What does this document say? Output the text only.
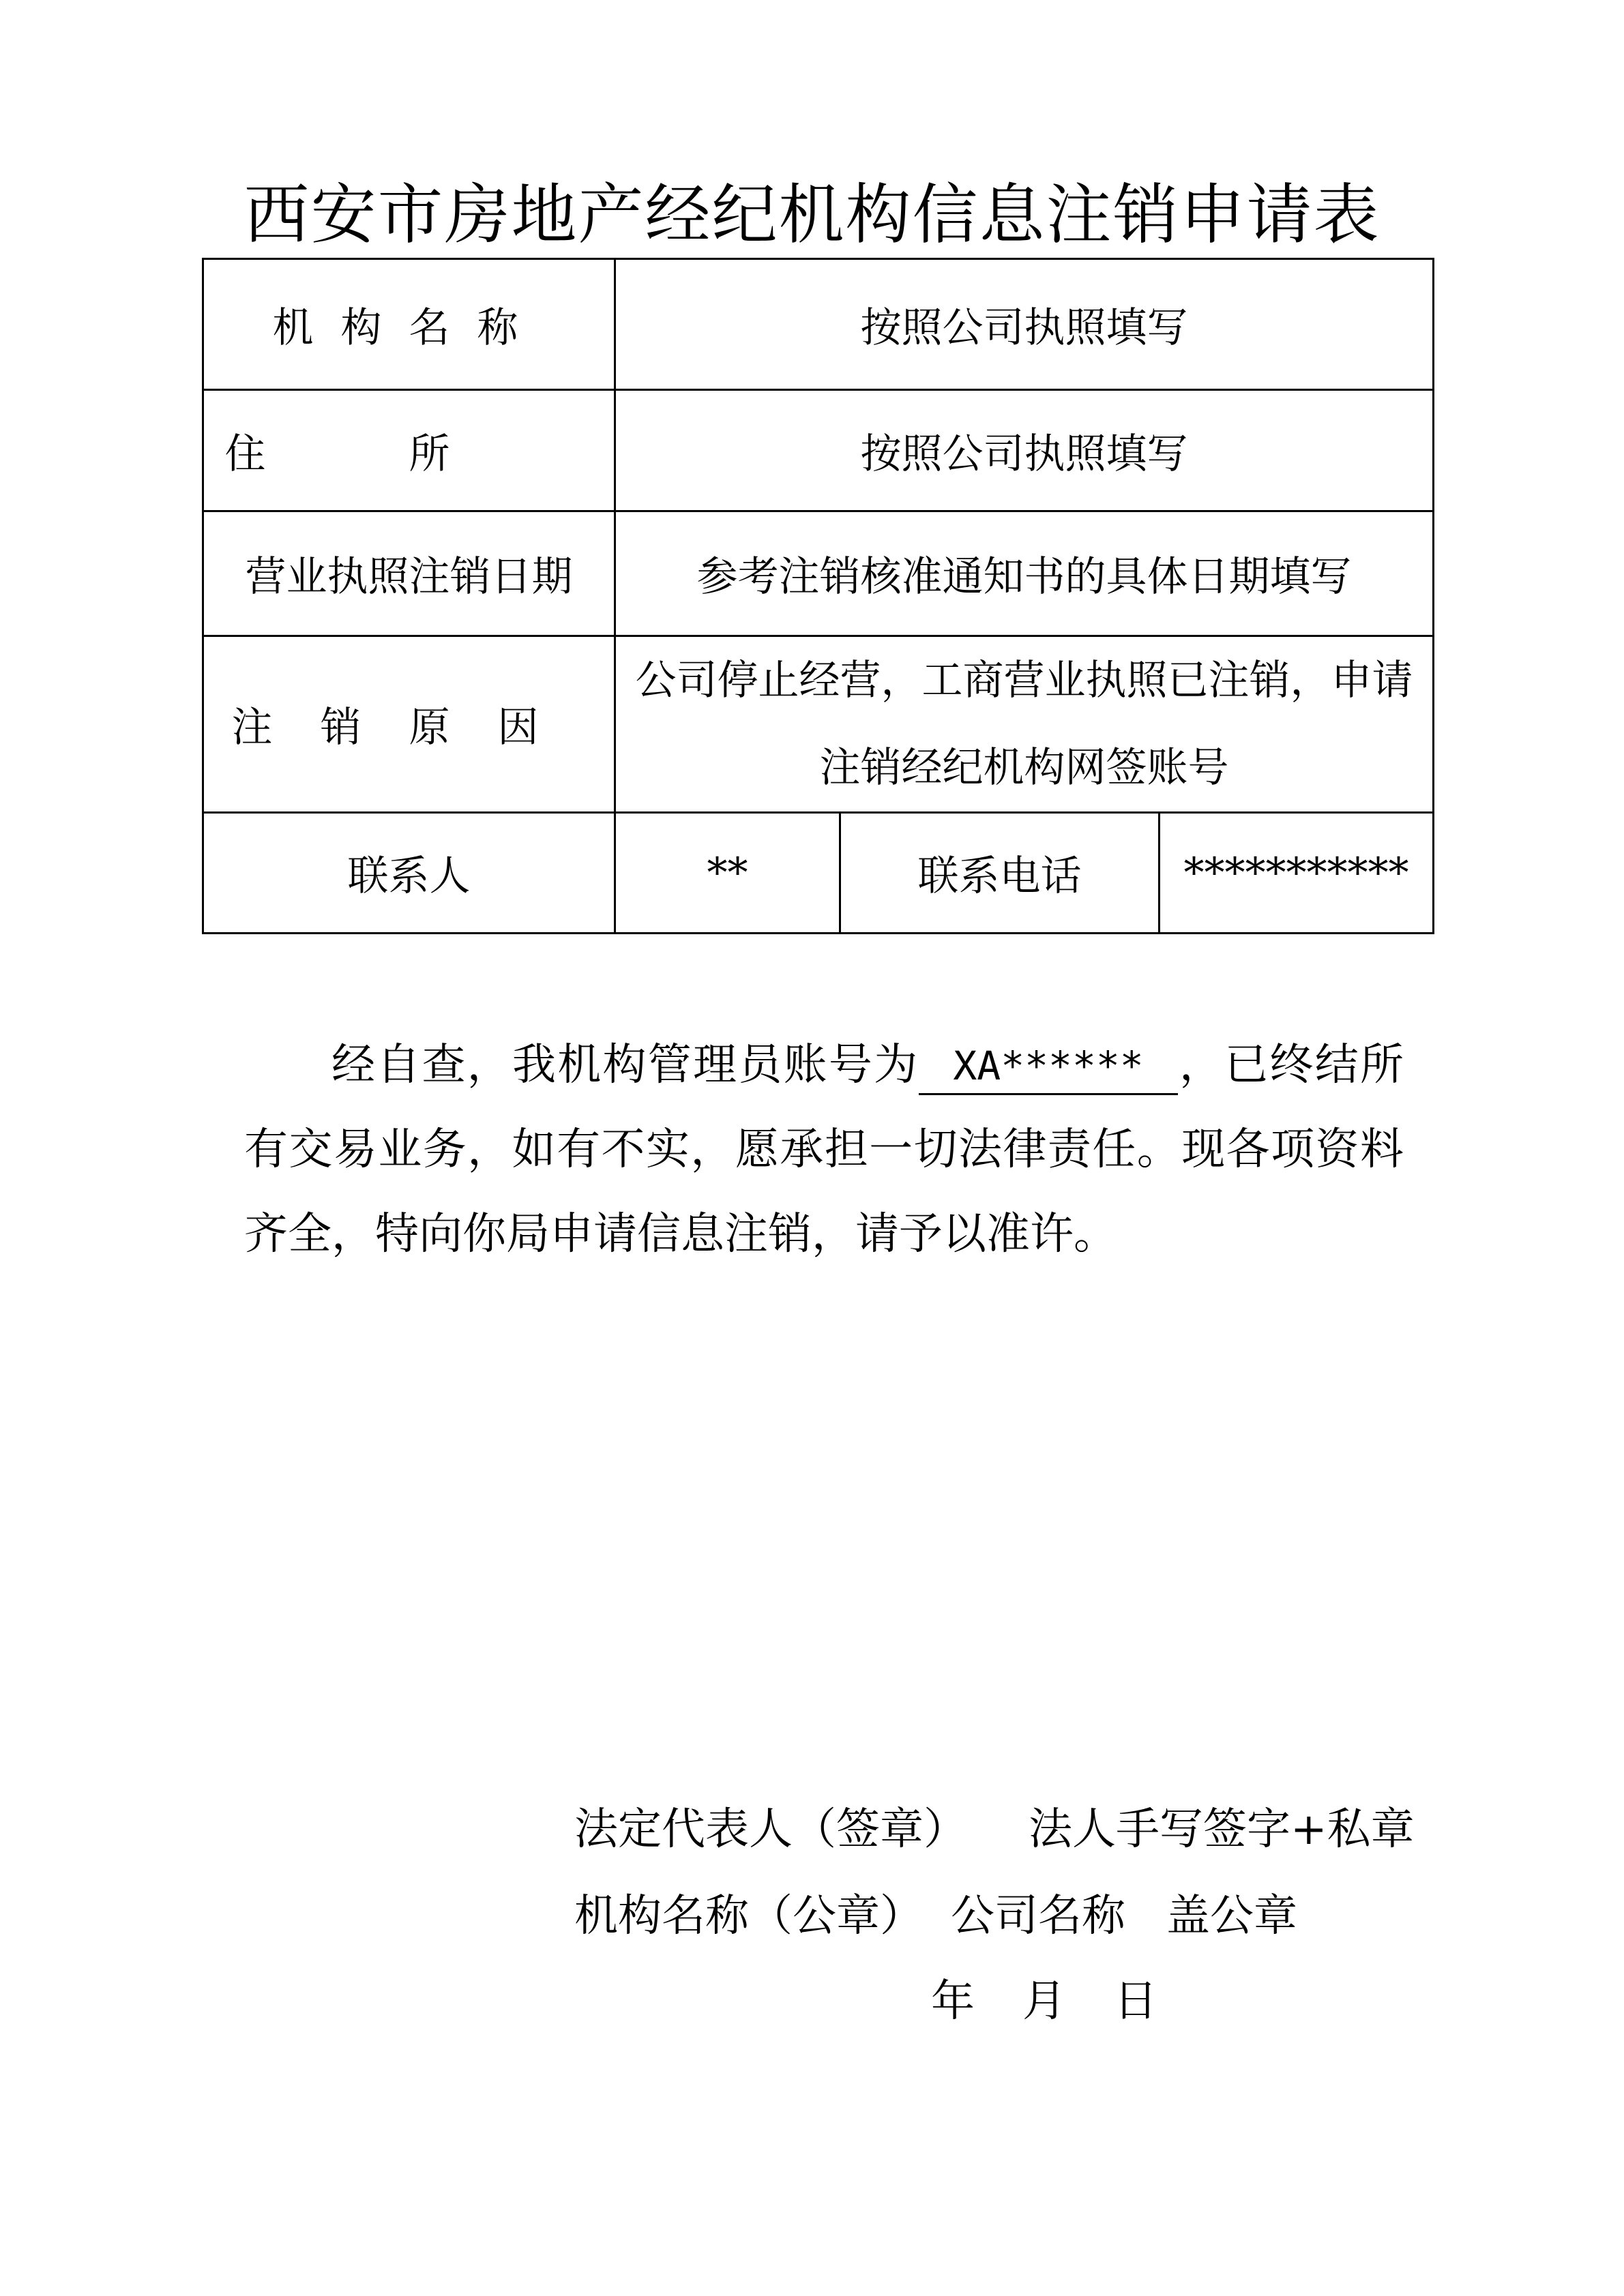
西安市房地产经纪机构信息注销申请表
机构名称	按照公司执照填写		
住所	按照公司执照填写		
营业执照注销日期	参考注销核准通知书的具体日期填写		
注销原因	公司停止经营，工商营业执照已注销，申请注销经纪机构网签账号		
联系人	**	联系电话	***********
经自查，我机构管理员账号为 XA****** ，已终结所有交易业务，如有不实，愿承担一切法律责任。现各项资料齐全，特向你局申请信息注销，请予以准许。
法定代表人（签章） 法人手写签字+私章
机构名称（公章） 公司名称 盖公章
年 月 日
